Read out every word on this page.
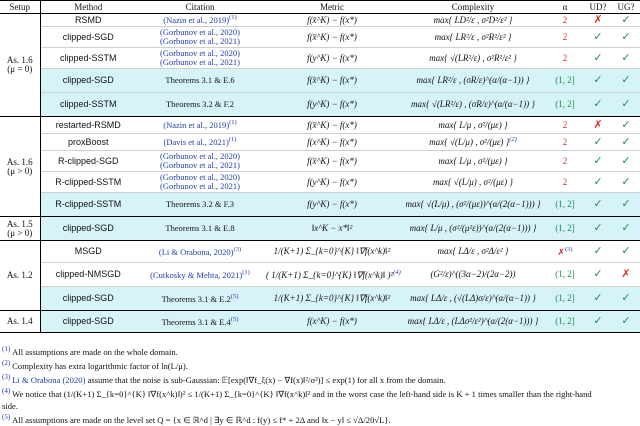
Setup	Method	Citation	Metric	Complexity	α	UD?	UG?

As. 1.6
(μ = 0)	RSMD	(Nazin et al., 2019)$^{(1)}$	f(x̄^K) − f(x*)	max{ LD²/ε , σ²D²/ε² }	2	✗	✓
	clipped-SGD	(Gorbunov et al., 2020)
(Gorbunov et al., 2021)	f(x̄^K) − f(x*)	max{ LR²/ε , σ²R²/ε² }	2	✓	✓
	clipped-SSTM	(Gorbunov et al., 2020)
(Gorbunov et al., 2021)	f(y^K) − f(x*)	max{ √(LR²/ε) , σ²R²/ε² }	2	✓	✓
	clipped-SGD	Theorems 3.1 & E.6	f(x̄^K) − f(x*)	max{ LR²/ε , (σR/ε)^(α/(α−1)) }	(1, 2]	✓	✓
	clipped-SSTM	Theorems 3.2 & F.2	f(y^K) − f(x*)	max{ √(LR²/ε) , (σR/ε)^(α/(α−1)) }	(1, 2]	✓	✓

As. 1.6
(μ > 0)	restarted-RSMD	(Nazin et al., 2019)$^{(1)}$	f(x̄^K) − f(x*)	max{ L/μ , σ²/(με) }	2	✗	✓
	proxBoost	(Davis et al., 2021)$^{(1)}$	f(x^K) − f(x*)	max{ √(L/μ) , σ²/(με) }$^{(2)}$	2	✓	✓
	R-clipped-SGD	(Gorbunov et al., 2020)
(Gorbunov et al., 2021)	f(x̄^K) − f(x*)	max{ L/μ , σ²/(με) }	2	✓	✓
	R-clipped-SSTM	(Gorbunov et al., 2020)
(Gorbunov et al., 2021)	f(y^K) − f(x*)	max{ √(L/μ) , σ²/(με) }	2	✓	✓
	R-clipped-SSTM	Theorems 3.2 & F.3	f(y^K) − f(x*)	max{ √(L/μ) , (σ²/(με))^(α/(2(α−1))) }	(1, 2]	✓	✓

As. 1.5
(μ > 0)	clipped-SGD	Theorems 3.1 & E.8	‖x^K − x*‖²	max{ L/μ , (σ²/(μ²ε))^(α/(2(α−1))) }	(1, 2]	✓	✓

As. 1.2	MSGD	(Li & Orabona, 2020)$^{(3)}$	1/(K+1) Σ_{k=0}^{K} ‖∇f(x^k)‖²	max{ LΔ/ε , σ²Δ/ε² }	✗$^{(3)}$	✓	✓
	clipped-NMSGD	(Cutkosky & Mehta, 2021)$^{(1)}$	( 1/(K+1) Σ_{k=0}^{K} ‖∇f(x^k)‖ )²$^{(4)}$	(G²/ε)^((3α−2)/(2α−2))	(1, 2]	✓	✗
	clipped-SGD	Theorems 3.1 & E.2$^{(5)}$	1/(K+1) Σ_{k=0}^{K} ‖∇f(x^k)‖²	max{ LΔ/ε , (√(LΔ)σ/ε)^(α/(α−1)) }	(1, 2]	✓	✓

As. 1.4	clipped-SGD	Theorems 3.1 & E.4$^{(5)}$	f(x^K) − f(x*)	max{ LΔ/ε , (LΔσ²/ε²)^(α/(2(α−1))) }	(1, 2]	✓	✓
$^{(1)}$ All assumptions are made on the whole domain.
$^{(2)}$ Complexity has extra logarithmic factor of ln(L/μ).
$^{(3)}$ Li & Orabona (2020) assume that the noise is sub-Gaussian: 𝔼[exp(‖∇f_ξ(x) − ∇f(x)‖²/σ²)] ≤ exp(1) for all x from the domain.
$^{(4)}$ We notice that (1/(K+1) Σ_{k=0}^{K} ‖∇f(x^k)‖)² ≤ 1/(K+1) Σ_{k=0}^{K} ‖∇f(x^k)‖² and in the worst case the left-hand side is K + 1 times smaller than the right-hand
side.
$^{(5)}$ All assumptions are made on the level set Q = {x ∈ ℝ^d | ∃y ∈ ℝ^d : f(y) ≤ f* + 2Δ and ‖x − y‖ ≤ √Δ/20√L}.
